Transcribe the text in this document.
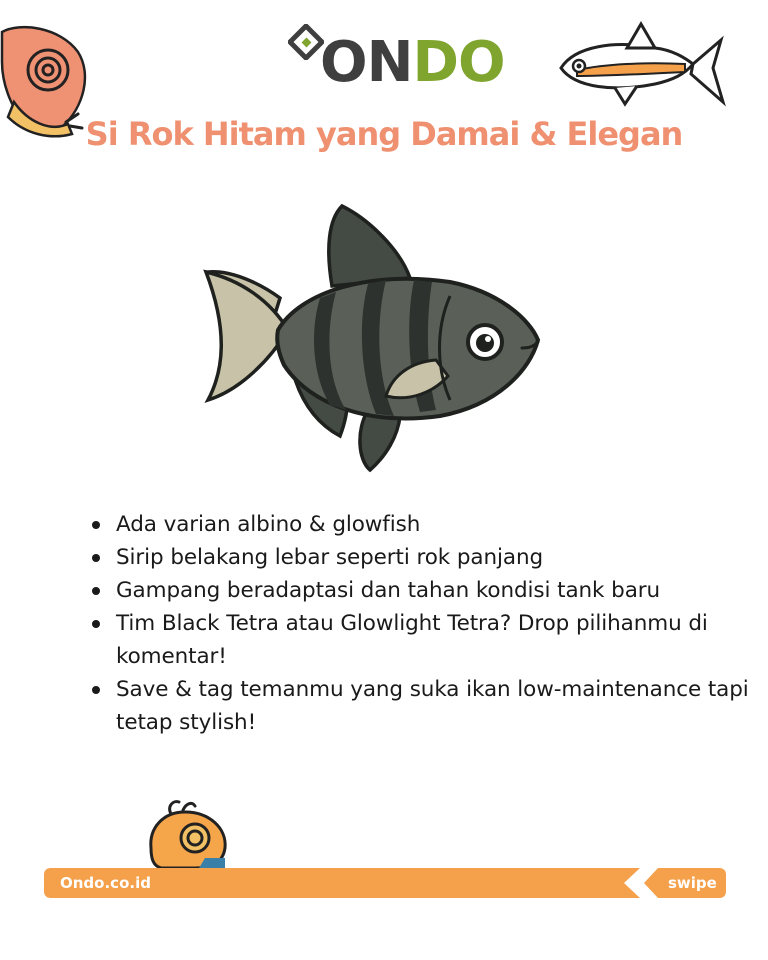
ONDO
Si Rok Hitam yang Damai & Elegan
Ada varian albino & glowfish
Sirip belakang lebar seperti rok panjang
Gampang beradaptasi dan tahan kondisi tank baru
Tim Black Tetra atau Glowlight Tetra? Drop pilihanmu di komentar!
Save & tag temanmu yang suka ikan low-maintenance tapi tetap stylish!
Ondo.co.id	swipe
